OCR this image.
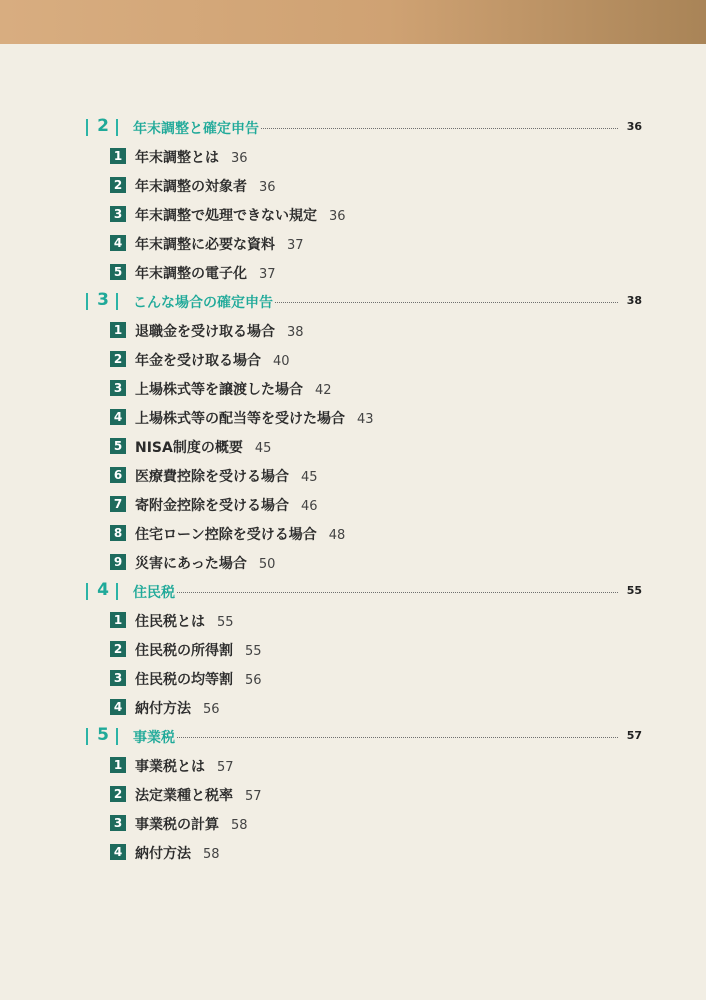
2 年末調整と確定申告	36
1 年末調整とは 36
2 年末調整の対象者 36
3 年末調整で処理できない規定 36
4 年末調整に必要な資料 37
5 年末調整の電子化 37
3 こんな場合の確定申告	38
1 退職金を受け取る場合 38
2 年金を受け取る場合 40
3 上場株式等を譲渡した場合 42
4 上場株式等の配当等を受けた場合 43
5 NISA制度の概要 45
6 医療費控除を受ける場合 45
7 寄附金控除を受ける場合 46
8 住宅ローン控除を受ける場合 48
9 災害にあった場合 50
4 住民税	55
1 住民税とは 55
2 住民税の所得割 55
3 住民税の均等割 56
4 納付方法 56
5 事業税	57
1 事業税とは 57
2 法定業種と税率 57
3 事業税の計算 58
4 納付方法 58
